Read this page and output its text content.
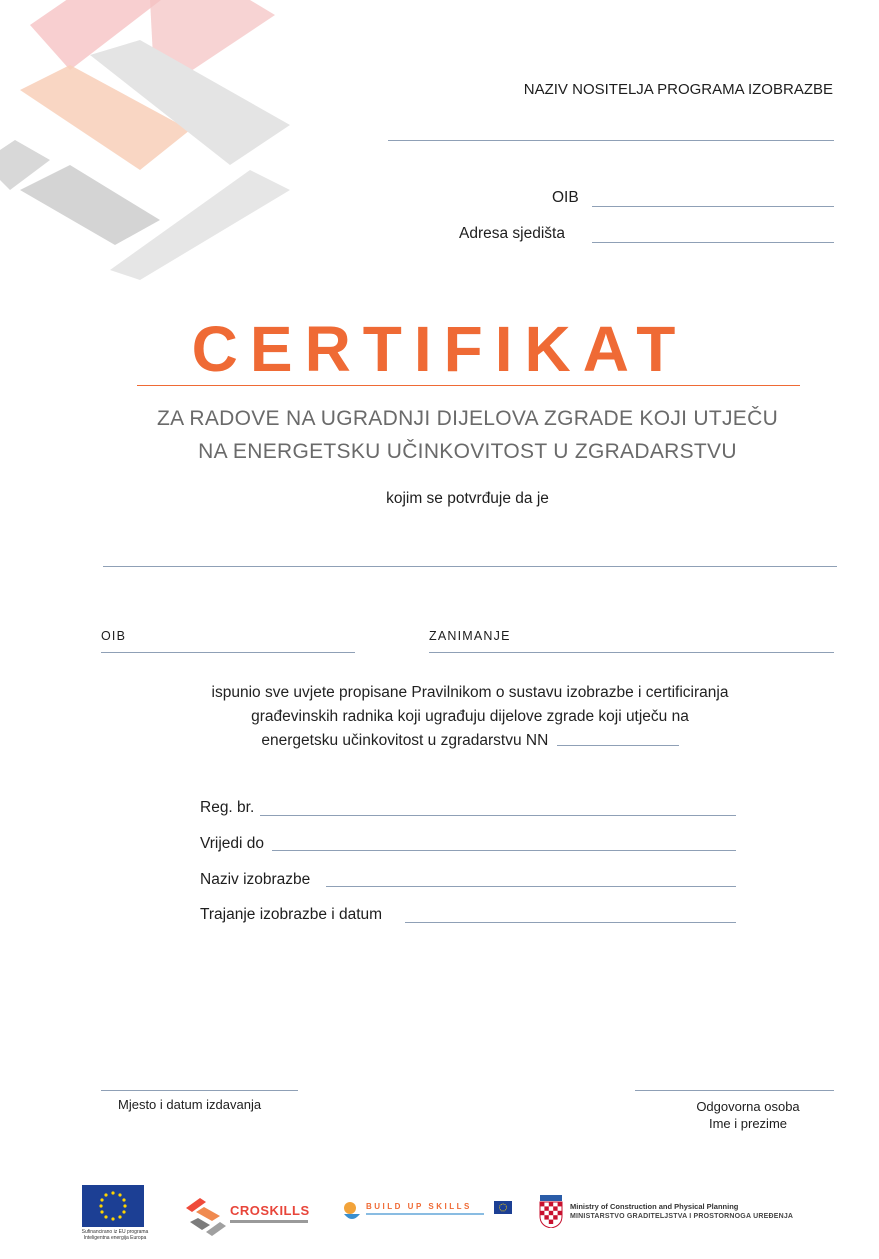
NAZIV NOSITELJA PROGRAMA IZOBRAZBE
OIB
Adresa sjedišta
CERTIFIKAT
ZA RADOVE NA UGRADNJI DIJELOVA ZGRADE KOJI UTJEČU
NA ENERGETSKU UČINKOVITOST U ZGRADARSTVU
kojim se potvrđuje da je
OIB	ZANIMANJE
ispunio sve uvjete propisane Pravilnikom o sustavu izobrazbe i certificiranja
građevinskih radnika koji ugrađuju dijelove zgrade koji utječu na
energetsku učinkovitost u zgradarstvu NN
Reg. br.
Vrijedi do
Naziv izobrazbe
Trajanje izobrazbe i datum
Mjesto i datum izdavanja	Odgovorna osoba
Ime i prezime
Sufinancirano iz EU programa
Inteligentna energija Europa
CROSKILLS	BUILD UP SKILLS	Ministry of Construction and Physical Planning
MINISTARSTVO GRADITELJSTVA I PROSTORNOGA UREĐENJA
